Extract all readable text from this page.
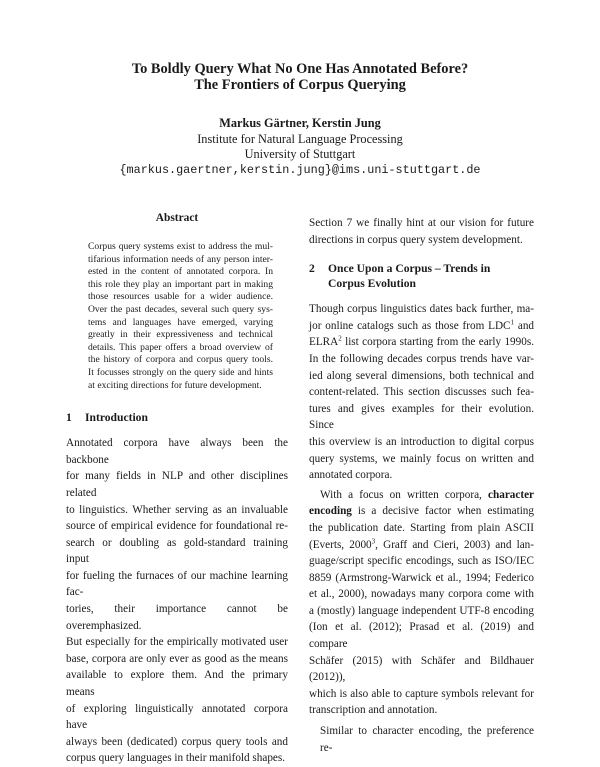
To Boldly Query What No One Has Annotated Before?
The Frontiers of Corpus Querying
Markus Gärtner, Kerstin Jung
Institute for Natural Language Processing
University of Stuttgart
{markus.gaertner,kerstin.jung}@ims.uni-stuttgart.de
Abstract
Corpus query systems exist to address the mul-
tifarious information needs of any person inter-
ested in the content of annotated corpora. In
this role they play an important part in making
those resources usable for a wider audience.
Over the past decades, several such query sys-
tems and languages have emerged, varying
greatly in their expressiveness and technical
details. This paper offers a broad overview of
the history of corpora and corpus query tools.
It focusses strongly on the query side and hints
at exciting directions for future development.
1	Introduction
Annotated corpora have always been the backbone
for many fields in NLP and other disciplines related
to linguistics. Whether serving as an invaluable
source of empirical evidence for foundational re-
search or doubling as gold-standard training input
for fueling the furnaces of our machine learning fac-
tories, their importance cannot be overemphasized.
But especially for the empirically motivated user
base, corpora are only ever as good as the means
available to explore them. And the primary means
of exploring linguistically annotated corpora have
always been (dedicated) corpus query tools and
corpus query languages in their manifold shapes.
Section 7 we finally hint at our vision for future
directions in corpus query system development.
2	Once Upon a Corpus – Trends in
Corpus Evolution
Though corpus linguistics dates back further, ma-
jor online catalogs such as those from LDC$^1$ and
ELRA$^2$ list corpora starting from the early 1990s.
In the following decades corpus trends have var-
ied along several dimensions, both technical and
content-related. This section discusses such fea-
tures and gives examples for their evolution. Since
this overview is an introduction to digital corpus
query systems, we mainly focus on written and
annotated corpora.
With a focus on written corpora, character
encoding is a decisive factor when estimating
the publication date. Starting from plain ASCII
(Everts, 2000$^3$, Graff and Cieri, 2003) and lan-
guage/script specific encodings, such as ISO/IEC
8859 (Armstrong-Warwick et al., 1994; Federico
et al., 2000), nowadays many corpora come with
a (mostly) language independent UTF-8 encoding
(Ion et al. (2012); Prasad et al. (2019) and compare
Schäfer (2015) with Schäfer and Bildhauer (2012)),
which is also able to capture symbols relevant for
transcription and annotation.
Similar to character encoding, the preference re-
